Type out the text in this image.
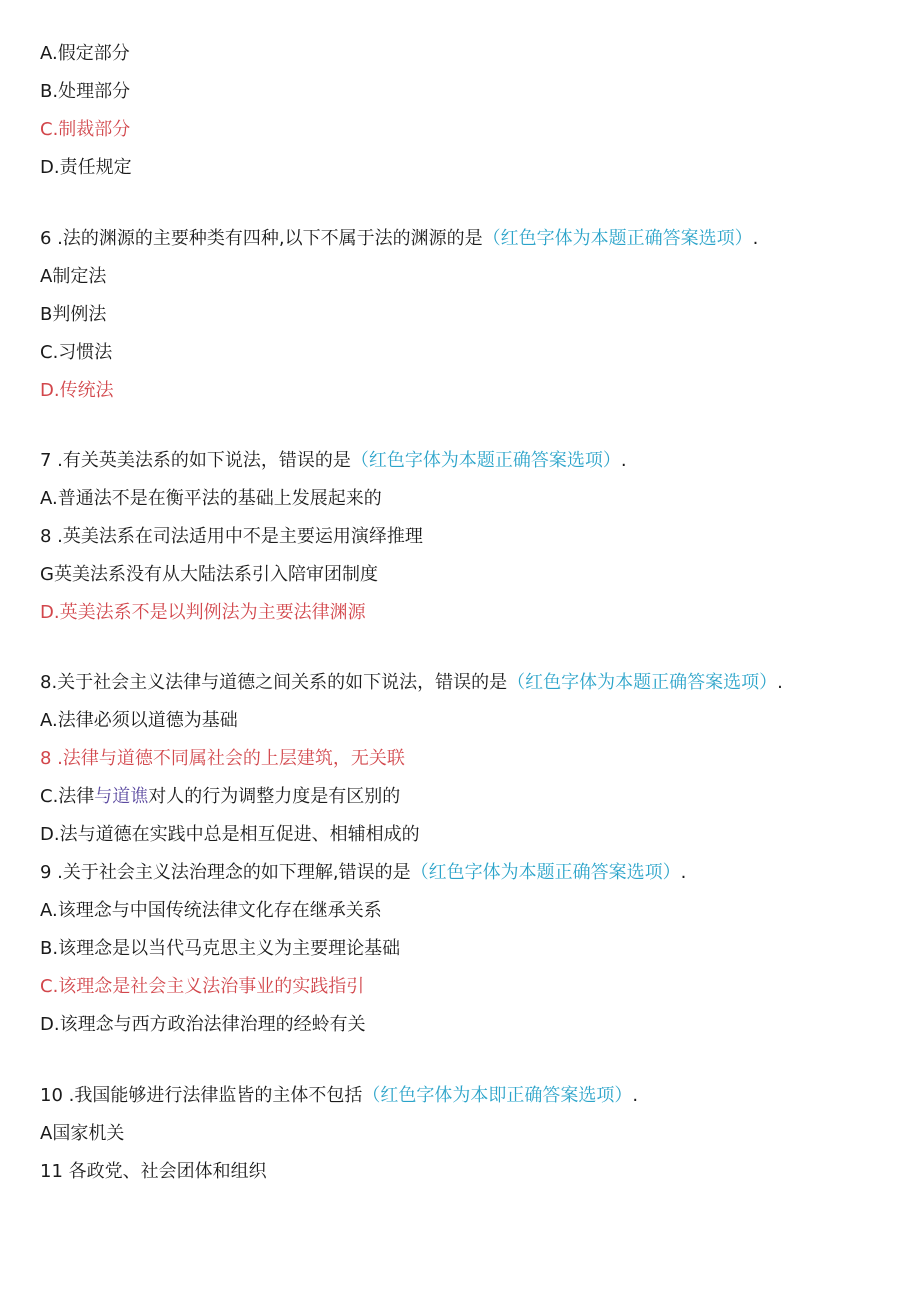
A.假定部分
B.处理部分
C.制裁部分
D.责任规定
6 .法的渊源的主要种类有四种,以下不属于法的渊源的是（红色字体为本题正确答案选项）.
A制定法
B判例法
C.习惯法
D.传统法
7 .有关英美法系的如下说法，错误的是（红色字体为本题正确答案选项）.
A.普通法不是在衡平法的基础上发展起来的
8 .英美法系在司法适用中不是主要运用演绎推理
G英美法系没有从大陆法系引入陪审团制度
D.英美法系不是以判例法为主要法律渊源
8.关于社会主义法律与道德之间关系的如下说法，错误的是（红色字体为本题正确答案选项）.
A.法律必须以道德为基础
8 .法律与道德不同属社会的上层建筑，无关联
C.法律与道谯对人的行为调整力度是有区别的
D.法与道德在实践中总是相互促进、相辅相成的
9 .关于社会主义法治理念的如下理解,错误的是（红色字体为本题正确答案选项）.
A.该理念与中国传统法律文化存在继承关系
B.该理念是以当代马克思主义为主要理论基础
C.该理念是社会主义法治事业的实践指引
D.该理念与西方政治法律治理的经蛉有关
10 .我国能够进行法律监皆的主体不包括（红色字体为本即正确答案选项）.
A国家机关
11 各政党、社会团体和组织
